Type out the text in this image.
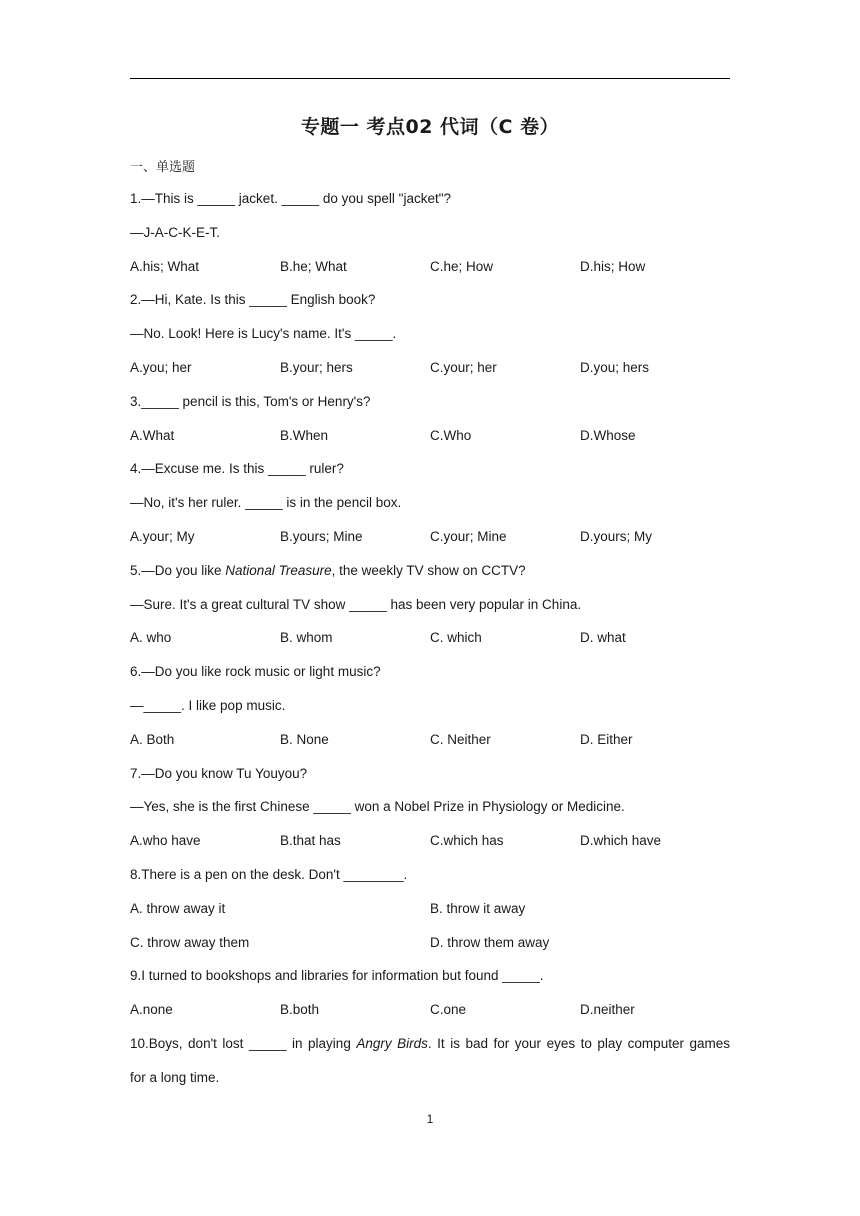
专题一 考点02 代词（C 卷）
一、单选题
1.—This is _____ jacket. _____ do you spell "jacket"?
—J-A-C-K-E-T.
A.his; What	B.he; What	C.he; How	D.his; How
2.—Hi, Kate. Is this _____ English book?
—No. Look! Here is Lucy's name. It's _____.
A.you; her	B.your; hers	C.your; her	D.you; hers
3._____ pencil is this, Tom's or Henry's?
A.What	B.When	C.Who	D.Whose
4.—Excuse me. Is this _____ ruler?
—No, it's her ruler. _____ is in the pencil box.
A.your; My	B.yours; Mine	C.your; Mine	D.yours; My
5.—Do you like National Treasure, the weekly TV show on CCTV?
—Sure. It's a great cultural TV show _____ has been very popular in China.
A. who	B. whom	C. which	D. what
6.—Do you like rock music or light music?
—_____. I like pop music.
A. Both	B. None	C. Neither	D. Either
7.—Do you know Tu Youyou?
—Yes, she is the first Chinese _____ won a Nobel Prize in Physiology or Medicine.
A.who have	B.that has	C.which has	D.which have
8.There is a pen on the desk. Don't ________.
A. throw away it	B. throw it away
C. throw away them	D. throw them away
9.I turned to bookshops and libraries for information but found _____.
A.none	B.both	C.one	D.neither
10.Boys, don't lost _____ in playing Angry Birds. It is bad for your eyes to play computer games
for a long time.
1
